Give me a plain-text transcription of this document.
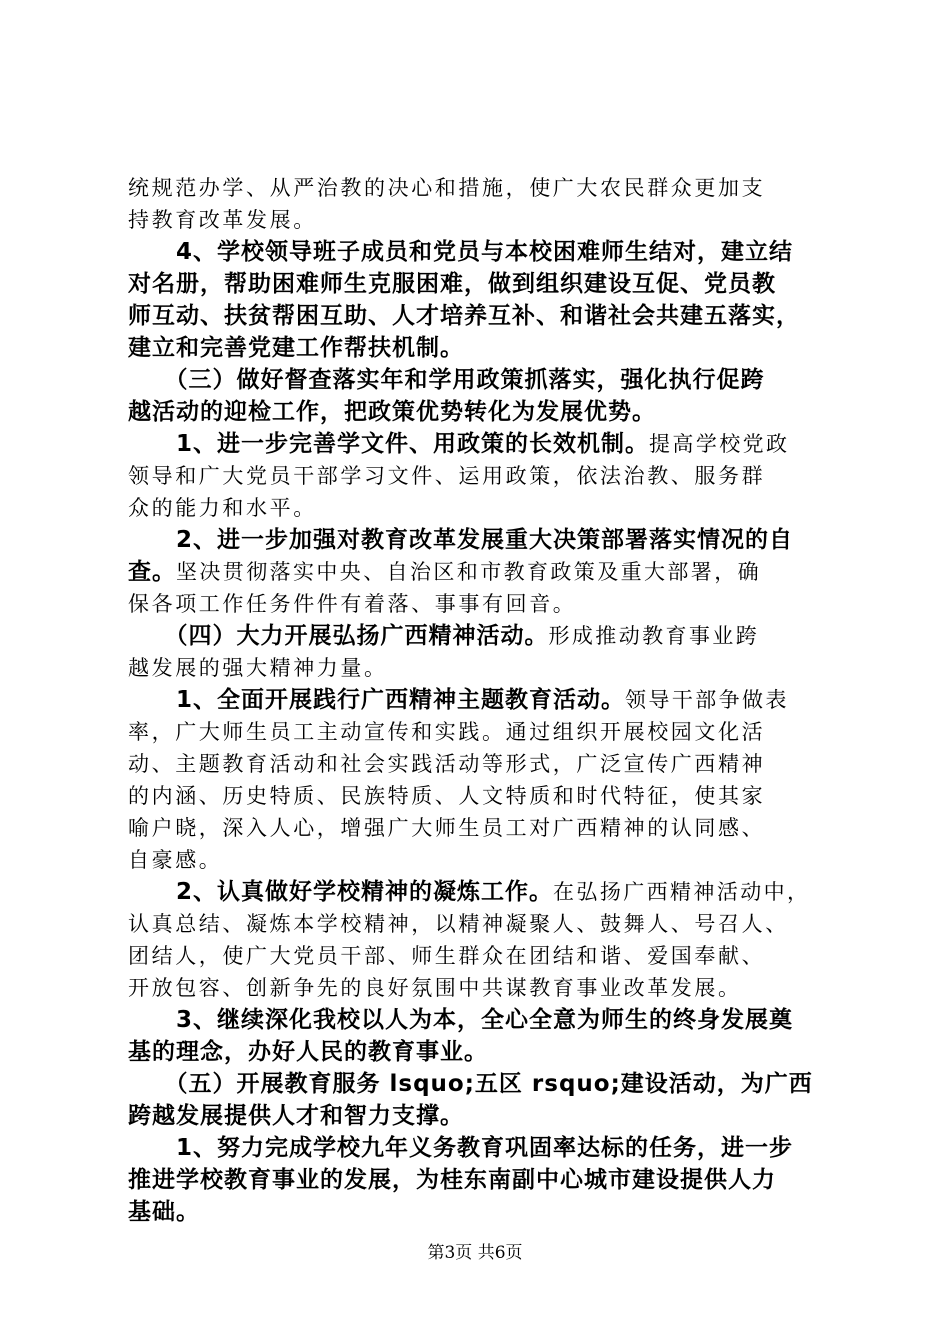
统规范办学、从严治教的决心和措施，使广大农民群众更加支
持教育改革发展。
　　4、学校领导班子成员和党员与本校困难师生结对，建立结
对名册，帮助困难师生克服困难，做到组织建设互促、党员教
师互动、扶贫帮困互助、人才培养互补、和谐社会共建五落实，
建立和完善党建工作帮扶机制。
　　（三）做好督查落实年和学用政策抓落实，强化执行促跨
越活动的迎检工作，把政策优势转化为发展优势。
　　1、进一步完善学文件、用政策的长效机制。提高学校党政
领导和广大党员干部学习文件、运用政策，依法治教、服务群
众的能力和水平。
　　2、进一步加强对教育改革发展重大决策部署落实情况的自
查。坚决贯彻落实中央、自治区和市教育政策及重大部署，确
保各项工作任务件件有着落、事事有回音。
　　（四）大力开展弘扬广西精神活动。形成推动教育事业跨
越发展的强大精神力量。
　　1、全面开展践行广西精神主题教育活动。领导干部争做表
率，广大师生员工主动宣传和实践。通过组织开展校园文化活
动、主题教育活动和社会实践活动等形式，广泛宣传广西精神
的内涵、历史特质、民族特质、人文特质和时代特征，使其家
喻户晓，深入人心，增强广大师生员工对广西精神的认同感、
自豪感。
　　2、认真做好学校精神的凝炼工作。在弘扬广西精神活动中，
认真总结、凝炼本学校精神，以精神凝聚人、鼓舞人、号召人、
团结人，使广大党员干部、师生群众在团结和谐、爱国奉献、
开放包容、创新争先的良好氛围中共谋教育事业改革发展。
　　3、继续深化我校以人为本，全心全意为师生的终身发展奠
基的理念，办好人民的教育事业。
　　（五）开展教育服务 lsquo;五区 rsquo;建设活动，为广西
跨越发展提供人才和智力支撑。
　　1、努力完成学校九年义务教育巩固率达标的任务，进一步
推进学校教育事业的发展，为桂东南副中心城市建设提供人力
基础。
第3页 共6页
